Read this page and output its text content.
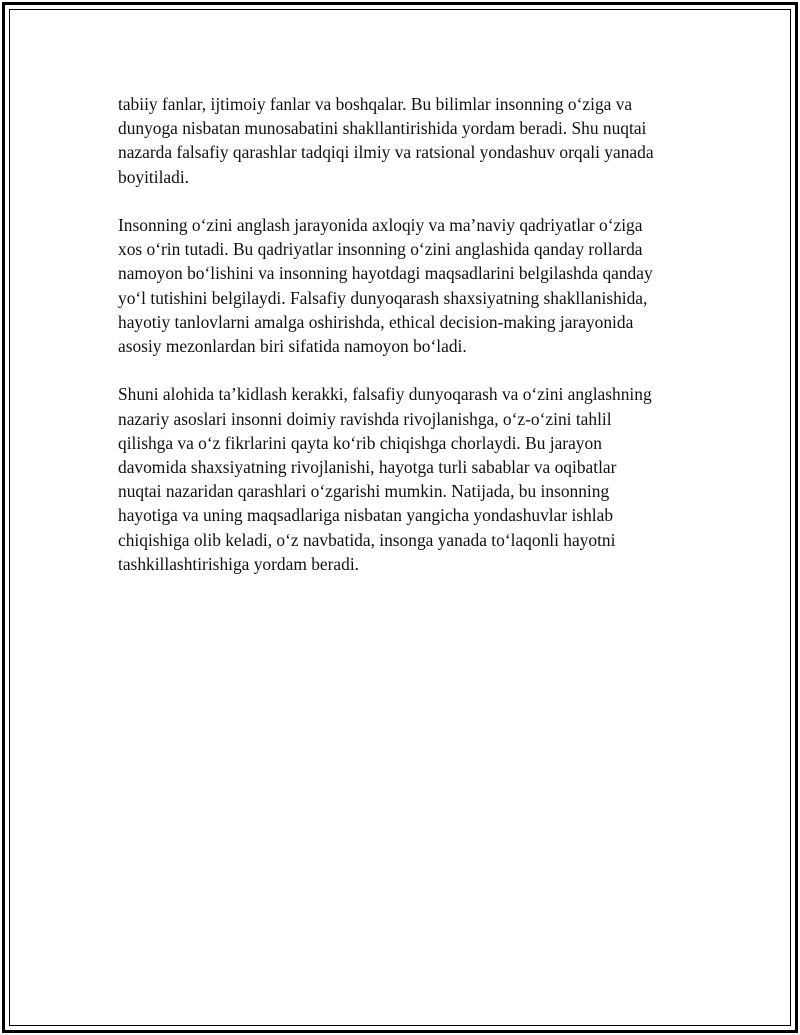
tabiiy fanlar, ijtimoiy fanlar va boshqalar. Bu bilimlar insonning o‘ziga va
dunyoga nisbatan munosabatini shakllantirishida yordam beradi. Shu nuqtai
nazarda falsafiy qarashlar tadqiqi ilmiy va ratsional yondashuv orqali yanada
boyitiladi.

Insonning o‘zini anglash jarayonida axloqiy va ma’naviy qadriyatlar o‘ziga
xos o‘rin tutadi. Bu qadriyatlar insonning o‘zini anglashida qanday rollarda
namoyon bo‘lishini va insonning hayotdagi maqsadlarini belgilashda qanday
yo‘l tutishini belgilaydi. Falsafiy dunyoqarash shaxsiyatning shakllanishida,
hayotiy tanlovlarni amalga oshirishda, ethical decision-making jarayonida
asosiy mezonlardan biri sifatida namoyon bo‘ladi.

Shuni alohida ta’kidlash kerakki, falsafiy dunyoqarash va o‘zini anglashning
nazariy asoslari insonni doimiy ravishda rivojlanishga, o‘z-o‘zini tahlil
qilishga va o‘z fikrlarini qayta ko‘rib chiqishga chorlaydi. Bu jarayon
davomida shaxsiyatning rivojlanishi, hayotga turli sabablar va oqibatlar
nuqtai nazaridan qarashlari o‘zgarishi mumkin. Natijada, bu insonning
hayotiga va uning maqsadlariga nisbatan yangicha yondashuvlar ishlab
chiqishiga olib keladi, o‘z navbatida, insonga yanada to‘laqonli hayotni
tashkillashtirishiga yordam beradi.
